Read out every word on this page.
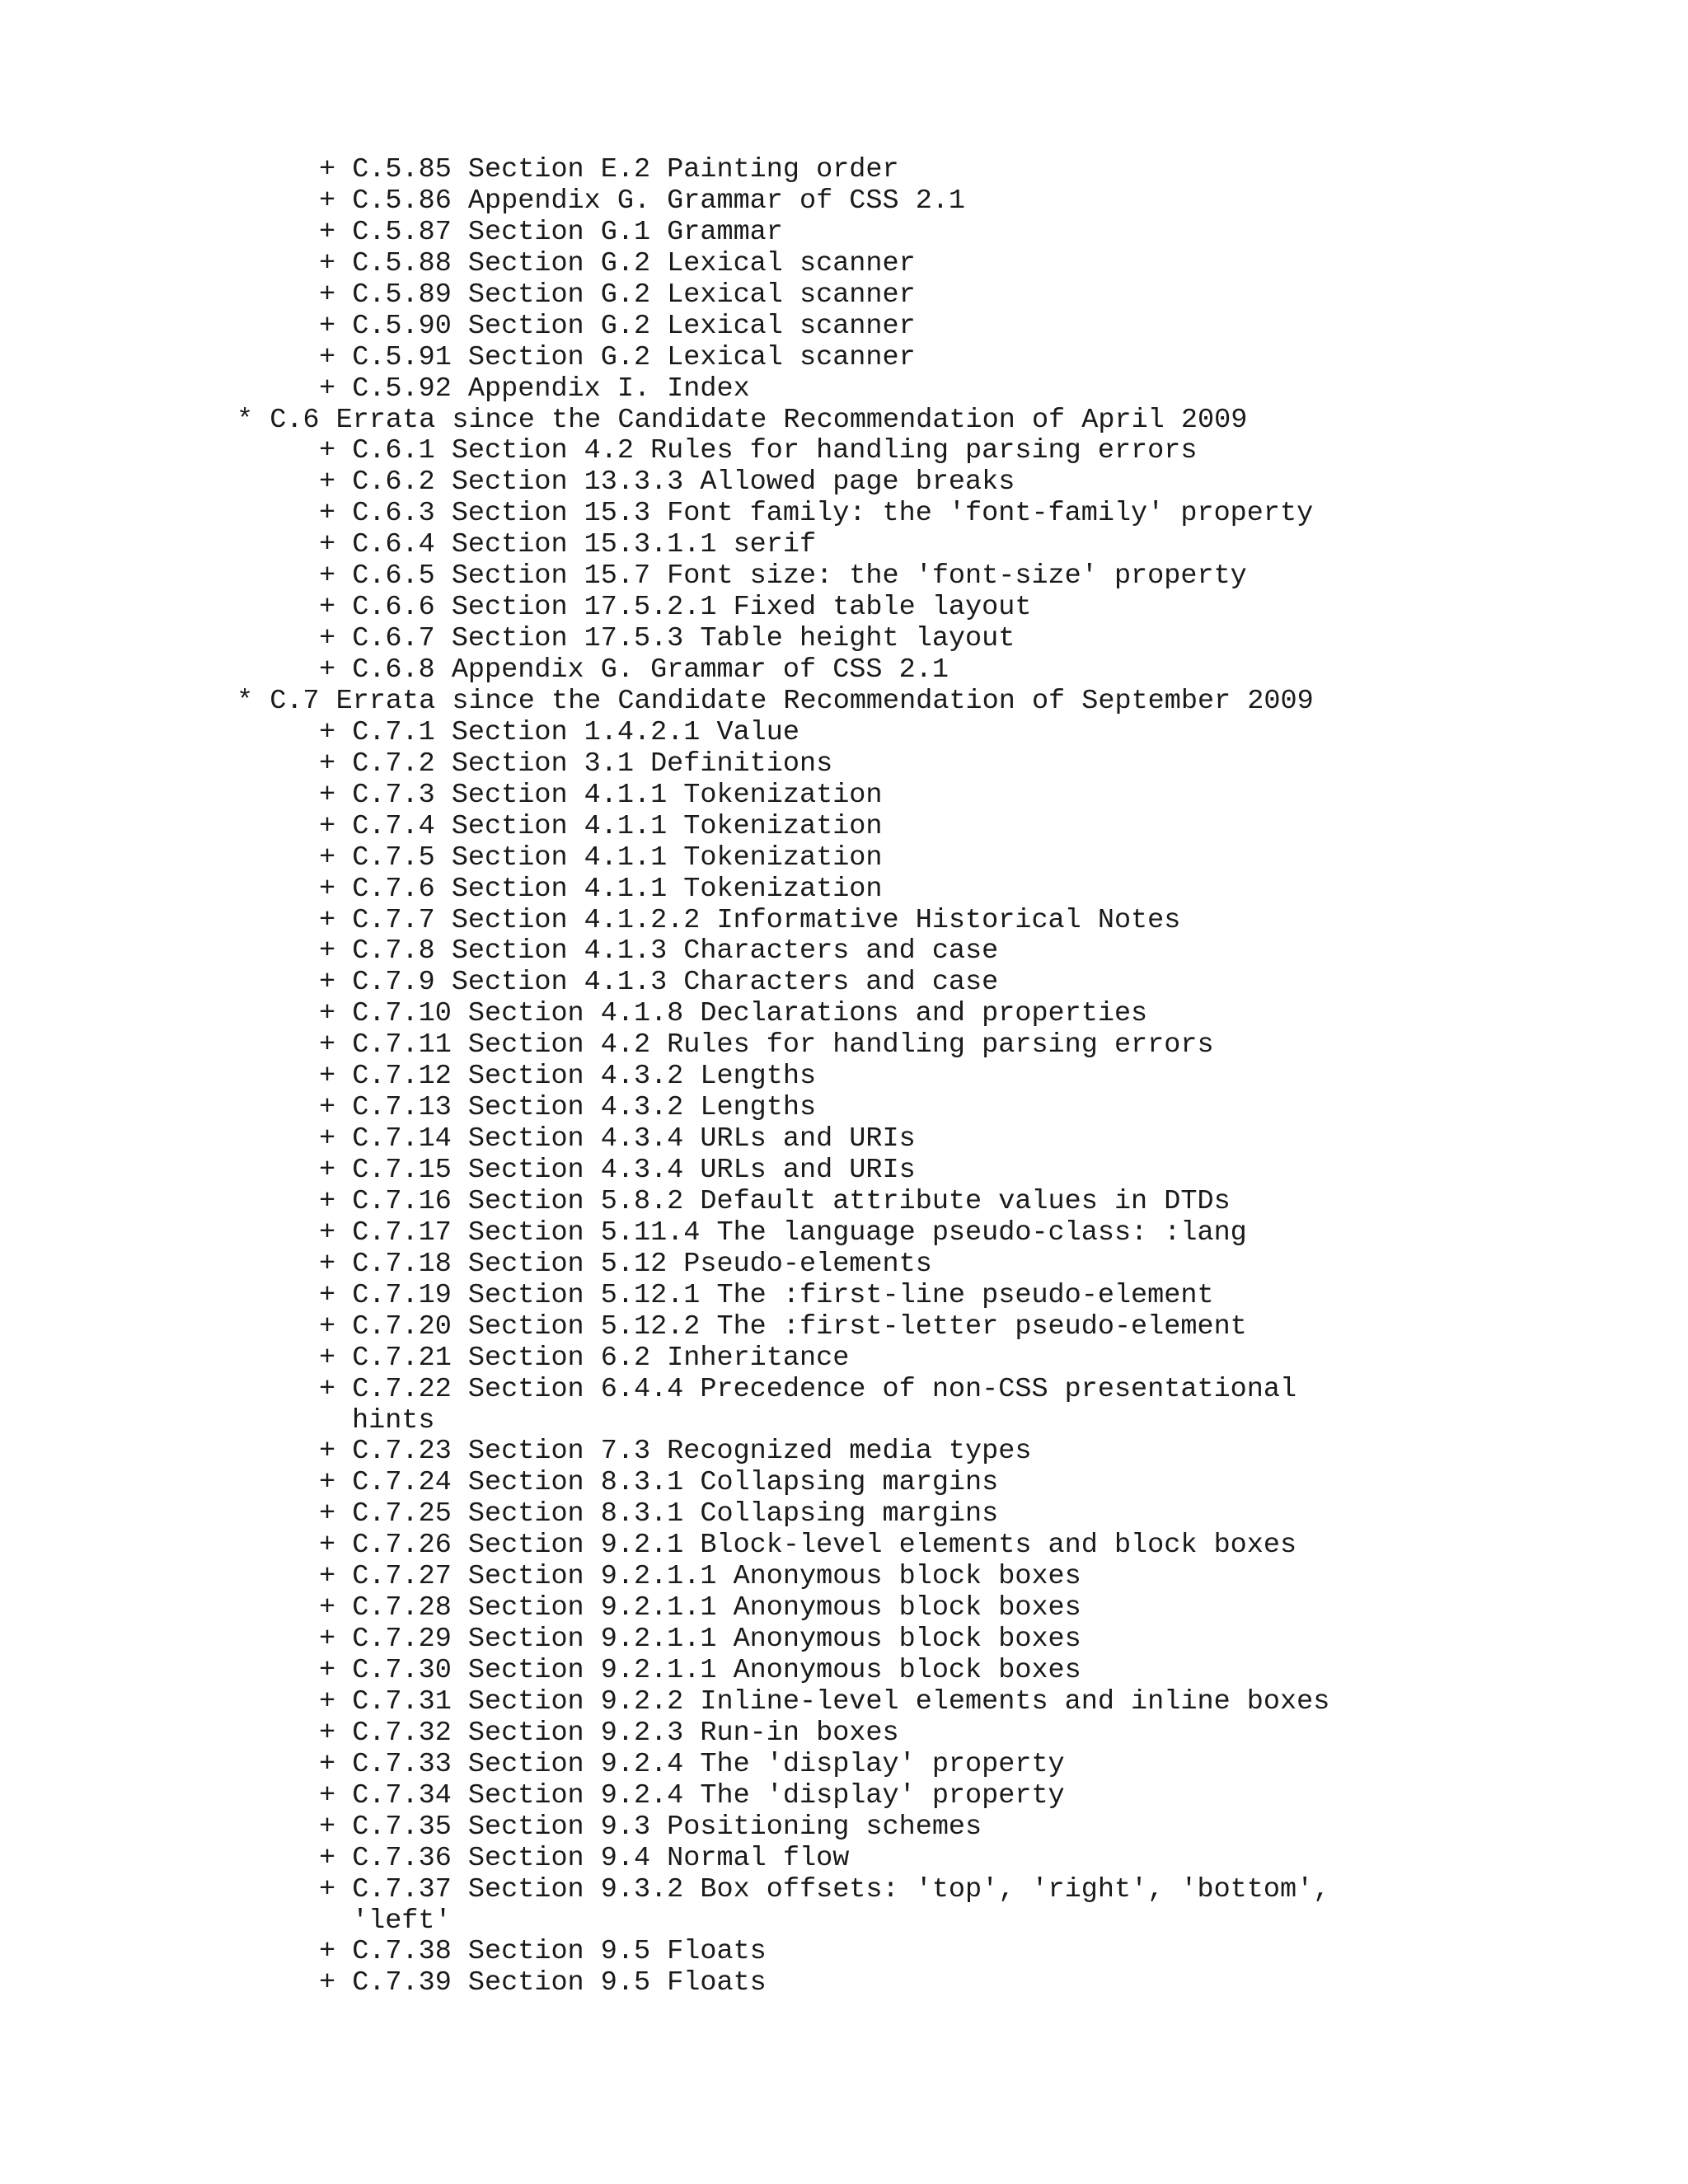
+ C.5.85 Section E.2 Painting order
+ C.5.86 Appendix G. Grammar of CSS 2.1
+ C.5.87 Section G.1 Grammar
+ C.5.88 Section G.2 Lexical scanner
+ C.5.89 Section G.2 Lexical scanner
+ C.5.90 Section G.2 Lexical scanner
+ C.5.91 Section G.2 Lexical scanner
+ C.5.92 Appendix I. Index
* C.6 Errata since the Candidate Recommendation of April 2009
+ C.6.1 Section 4.2 Rules for handling parsing errors
+ C.6.2 Section 13.3.3 Allowed page breaks
+ C.6.3 Section 15.3 Font family: the 'font-family' property
+ C.6.4 Section 15.3.1.1 serif
+ C.6.5 Section 15.7 Font size: the 'font-size' property
+ C.6.6 Section 17.5.2.1 Fixed table layout
+ C.6.7 Section 17.5.3 Table height layout
+ C.6.8 Appendix G. Grammar of CSS 2.1
* C.7 Errata since the Candidate Recommendation of September 2009
+ C.7.1 Section 1.4.2.1 Value
+ C.7.2 Section 3.1 Definitions
+ C.7.3 Section 4.1.1 Tokenization
+ C.7.4 Section 4.1.1 Tokenization
+ C.7.5 Section 4.1.1 Tokenization
+ C.7.6 Section 4.1.1 Tokenization
+ C.7.7 Section 4.1.2.2 Informative Historical Notes
+ C.7.8 Section 4.1.3 Characters and case
+ C.7.9 Section 4.1.3 Characters and case
+ C.7.10 Section 4.1.8 Declarations and properties
+ C.7.11 Section 4.2 Rules for handling parsing errors
+ C.7.12 Section 4.3.2 Lengths
+ C.7.13 Section 4.3.2 Lengths
+ C.7.14 Section 4.3.4 URLs and URIs
+ C.7.15 Section 4.3.4 URLs and URIs
+ C.7.16 Section 5.8.2 Default attribute values in DTDs
+ C.7.17 Section 5.11.4 The language pseudo-class: :lang
+ C.7.18 Section 5.12 Pseudo-elements
+ C.7.19 Section 5.12.1 The :first-line pseudo-element
+ C.7.20 Section 5.12.2 The :first-letter pseudo-element
+ C.7.21 Section 6.2 Inheritance
+ C.7.22 Section 6.4.4 Precedence of non-CSS presentational
hints
+ C.7.23 Section 7.3 Recognized media types
+ C.7.24 Section 8.3.1 Collapsing margins
+ C.7.25 Section 8.3.1 Collapsing margins
+ C.7.26 Section 9.2.1 Block-level elements and block boxes
+ C.7.27 Section 9.2.1.1 Anonymous block boxes
+ C.7.28 Section 9.2.1.1 Anonymous block boxes
+ C.7.29 Section 9.2.1.1 Anonymous block boxes
+ C.7.30 Section 9.2.1.1 Anonymous block boxes
+ C.7.31 Section 9.2.2 Inline-level elements and inline boxes
+ C.7.32 Section 9.2.3 Run-in boxes
+ C.7.33 Section 9.2.4 The 'display' property
+ C.7.34 Section 9.2.4 The 'display' property
+ C.7.35 Section 9.3 Positioning schemes
+ C.7.36 Section 9.4 Normal flow
+ C.7.37 Section 9.3.2 Box offsets: 'top', 'right', 'bottom',
'left'
+ C.7.38 Section 9.5 Floats
+ C.7.39 Section 9.5 Floats
